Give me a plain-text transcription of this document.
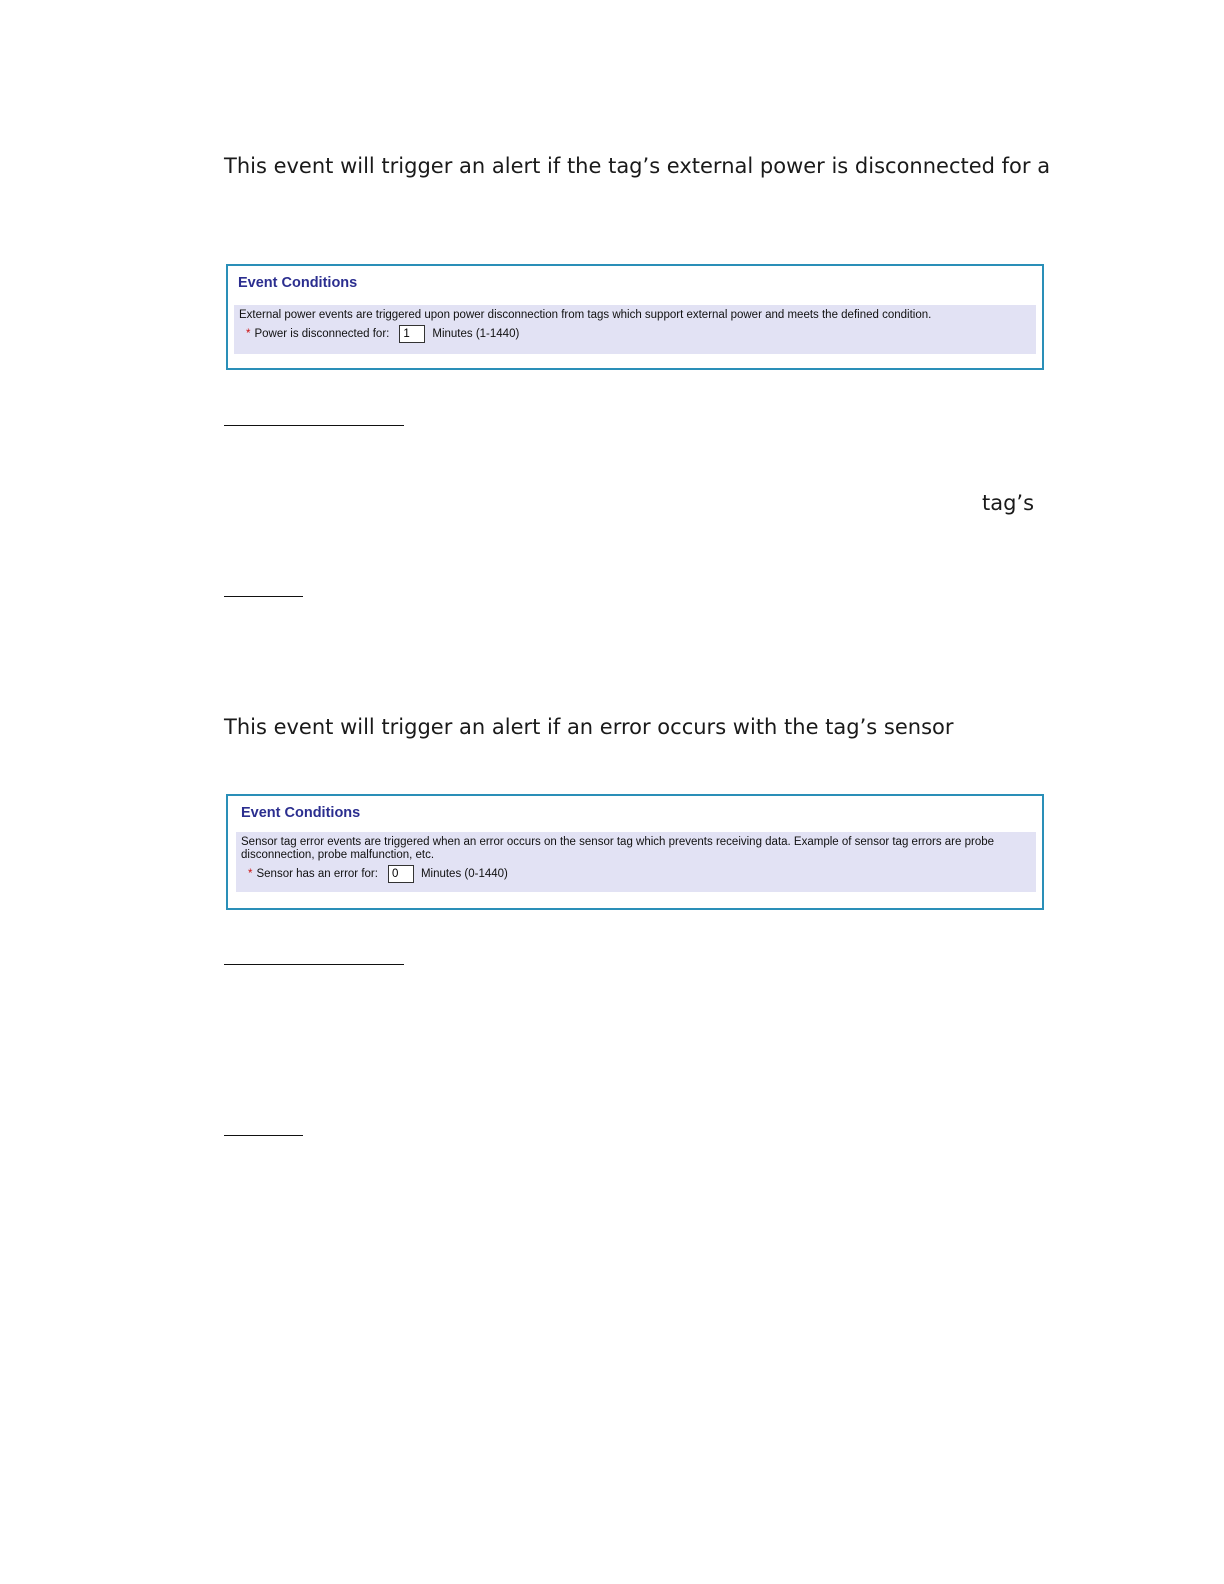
This event will trigger an alert if the tag’s external power is disconnected for a

Event Conditions
External power events are triggered upon power disconnection from tags which support external power and meets the defined condition.
* Power is disconnected for:
1	Minutes (1-1440)
tag’s

This event will trigger an alert if an error occurs with the tag’s sensor

Event Conditions
Sensor tag error events are triggered when an error occurs on the sensor tag which prevents receiving data. Example of sensor tag errors are probe disconnection, probe malfunction, etc.
* Sensor has an error for:
0	Minutes (0-1440)
